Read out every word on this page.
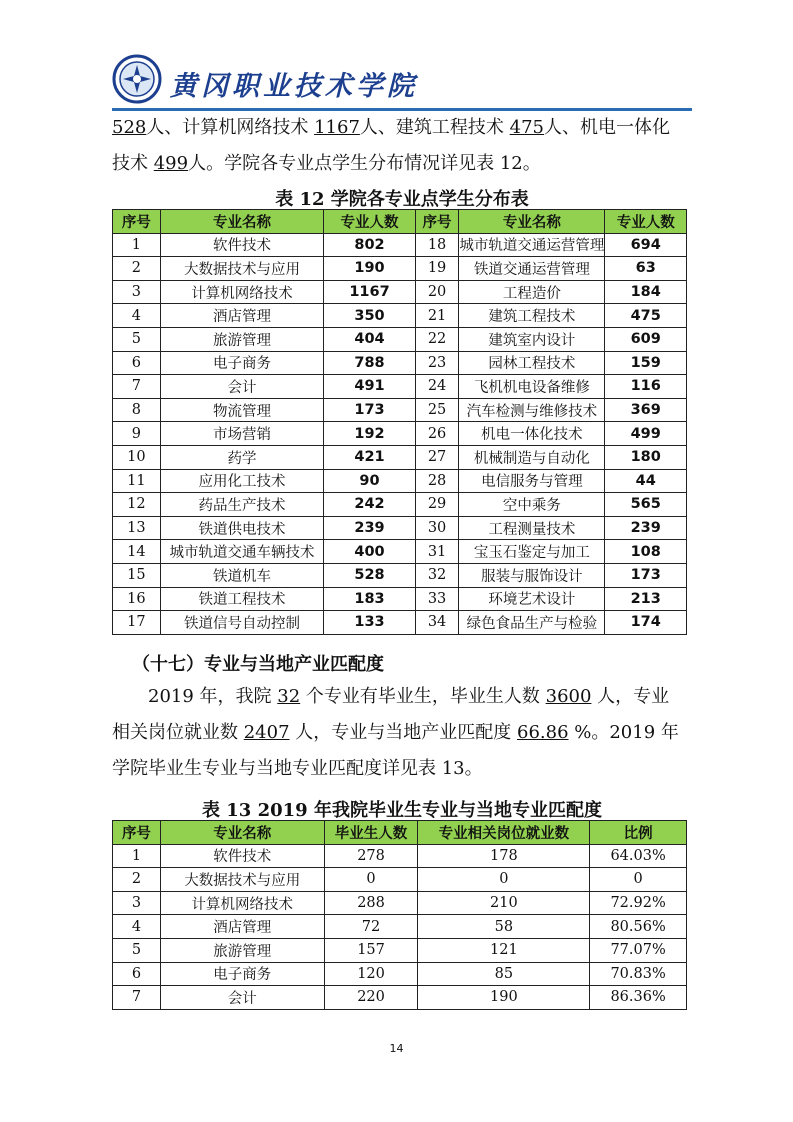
黄冈职业技术学院
528人、计算机网络技术 1167人、建筑工程技术 475人、机电一体化
技术 499人。学院各专业点学生分布情况详见表 12。
表 12 学院各专业点学生分布表
序号	专业名称	专业人数	序号	专业名称	专业人数
1	软件技术	802	18	城市轨道交通运营管理	694
2	大数据技术与应用	190	19	铁道交通运营管理	63
3	计算机网络技术	1167	20	工程造价	184
4	酒店管理	350	21	建筑工程技术	475
5	旅游管理	404	22	建筑室内设计	609
6	电子商务	788	23	园林工程技术	159
7	会计	491	24	飞机机电设备维修	116
8	物流管理	173	25	汽车检测与维修技术	369
9	市场营销	192	26	机电一体化技术	499
10	药学	421	27	机械制造与自动化	180
11	应用化工技术	90	28	电信服务与管理	44
12	药品生产技术	242	29	空中乘务	565
13	铁道供电技术	239	30	工程测量技术	239
14	城市轨道交通车辆技术	400	31	宝玉石鉴定与加工	108
15	铁道机车	528	32	服装与服饰设计	173
16	铁道工程技术	183	33	环境艺术设计	213
17	铁道信号自动控制	133	34	绿色食品生产与检验	174
（十七）专业与当地产业匹配度
2019 年，我院 32 个专业有毕业生，毕业生人数 3600 人，专业
相关岗位就业数 2407 人，专业与当地产业匹配度 66.86 %。2019 年
学院毕业生专业与当地专业匹配度详见表 13。
表 13 2019 年我院毕业生专业与当地专业匹配度
序号	专业名称	毕业生人数	专业相关岗位就业数	比例
1	软件技术	278	178	64.03%
2	大数据技术与应用	0	0	0
3	计算机网络技术	288	210	72.92%
4	酒店管理	72	58	80.56%
5	旅游管理	157	121	77.07%
6	电子商务	120	85	70.83%
7	会计	220	190	86.36%
14
